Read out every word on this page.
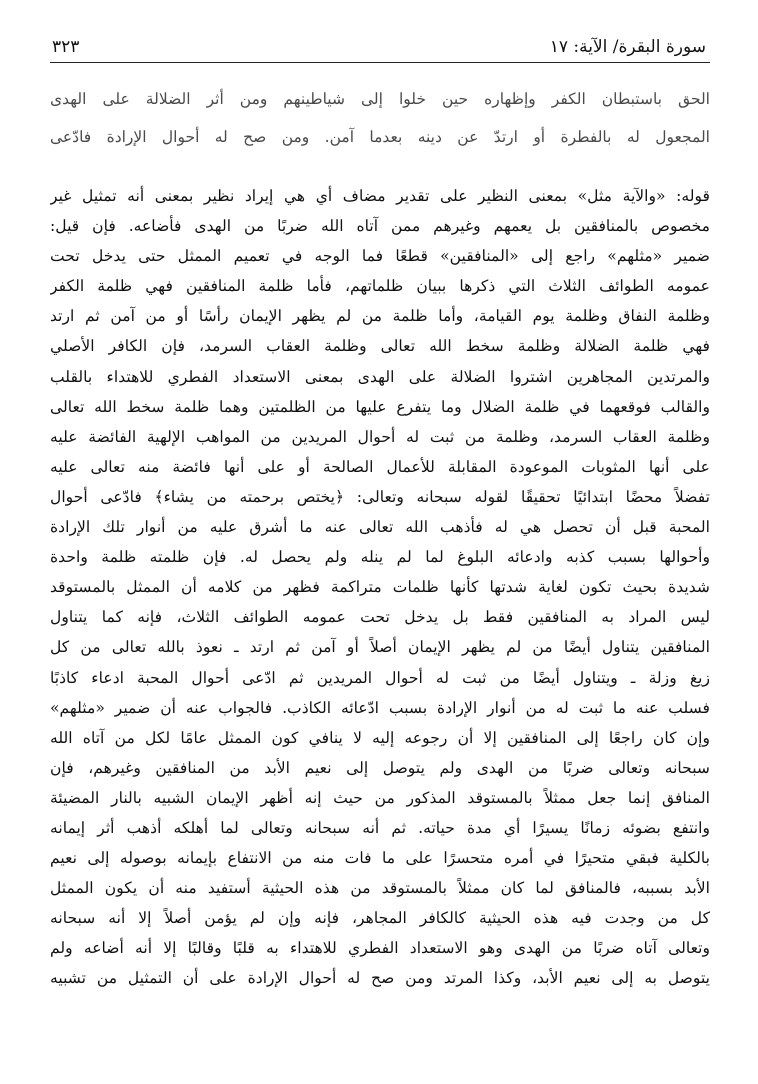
سورة البقرة/ الآية: ١٧
٣٢٣
الحق باستبطان الكفر وإظهاره حين خلوا إلى شياطينهم ومن أثر الضلالة على الهدى
المجعول له بالفطرة أو ارتدّ عن دينه بعدما آمن. ومن صح له أحوال الإرادة فادّعى
قوله: «والآية مثل» بمعنى النظير على تقدير مضاف أي هي إيراد نظير بمعنى أنه تمثيل غير
مخصوص بالمنافقين بل يعمهم وغيرهم ممن آتاه الله ضربًا من الهدى فأضاعه. فإن قيل:
ضمير «مثلهم» راجع إلى «المنافقين» قطعًا فما الوجه في تعميم الممثل حتى يدخل تحت
عمومه الطوائف الثلاث التي ذكرها ببيان ظلماتهم، فأما ظلمة المنافقين فهي ظلمة الكفر
وظلمة النفاق وظلمة يوم القيامة، وأما ظلمة من لم يظهر الإيمان رأسًا أو من آمن ثم ارتد
فهي ظلمة الضلالة وظلمة سخط الله تعالى وظلمة العقاب السرمد، فإن الكافر الأصلي
والمرتدين المجاهرين اشتروا الضلالة على الهدى بمعنى الاستعداد الفطري للاهتداء بالقلب
والقالب فوقعهما في ظلمة الضلال وما يتفرع عليها من الظلمتين وهما ظلمة سخط الله تعالى
وظلمة العقاب السرمد، وظلمة من ثبت له أحوال المريدين من المواهب الإلهية الفائضة عليه
على أنها المثوبات الموعودة المقابلة للأعمال الصالحة أو على أنها فائضة منه تعالى عليه
تفضلاً محضًا ابتدائيًا تحقيقًا لقوله سبحانه وتعالى: ﴿يختص برحمته من يشاء﴾ فادّعى أحوال
المحبة قبل أن تحصل هي له فأذهب الله تعالى عنه ما أشرق عليه من أنوار تلك الإرادة
وأحوالها بسبب كذبه وادعائه البلوغ لما لم ينله ولم يحصل له. فإن ظلمته ظلمة واحدة
شديدة بحيث تكون لغاية شدتها كأنها ظلمات متراكمة فظهر من كلامه أن الممثل بالمستوقد
ليس المراد به المنافقين فقط بل يدخل تحت عمومه الطوائف الثلاث، فإنه كما يتناول
المنافقين يتناول أيضًا من لم يظهر الإيمان أصلاً أو آمن ثم ارتد ـ نعوذ بالله تعالى من كل
زيغ وزلة ـ ويتناول أيضًا من ثبت له أحوال المريدين ثم ادّعى أحوال المحبة ادعاء كاذبًا
فسلب عنه ما ثبت له من أنوار الإرادة بسبب ادّعائه الكاذب. فالجواب عنه أن ضمير «مثلهم»
وإن كان راجعًا إلى المنافقين إلا أن رجوعه إليه لا ينافي كون الممثل عامًا لكل من آتاه الله
سبحانه وتعالى ضربًا من الهدى ولم يتوصل إلى نعيم الأبد من المنافقين وغيرهم، فإن
المنافق إنما جعل ممثلاً بالمستوقد المذكور من حيث إنه أظهر الإيمان الشبيه بالنار المضيئة
وانتفع بضوئه زمانًا يسيرًا أي مدة حياته. ثم أنه سبحانه وتعالى لما أهلكه أذهب أثر إيمانه
بالكلية فبقي متحيرًا في أمره متحسرًا على ما فات منه من الانتفاع بإيمانه بوصوله إلى نعيم
الأبد بسببه، فالمنافق لما كان ممثلاً بالمستوقد من هذه الحيثية أستفيد منه أن يكون الممثل
كل من وجدت فيه هذه الحيثية كالكافر المجاهر، فإنه وإن لم يؤمن أصلاً إلا أنه سبحانه
وتعالى آتاه ضربًا من الهدى وهو الاستعداد الفطري للاهتداء به قلبًا وقالبًا إلا أنه أضاعه ولم
يتوصل به إلى نعيم الأبد، وكذا المرتد ومن صح له أحوال الإرادة على أن التمثيل من تشبيه
